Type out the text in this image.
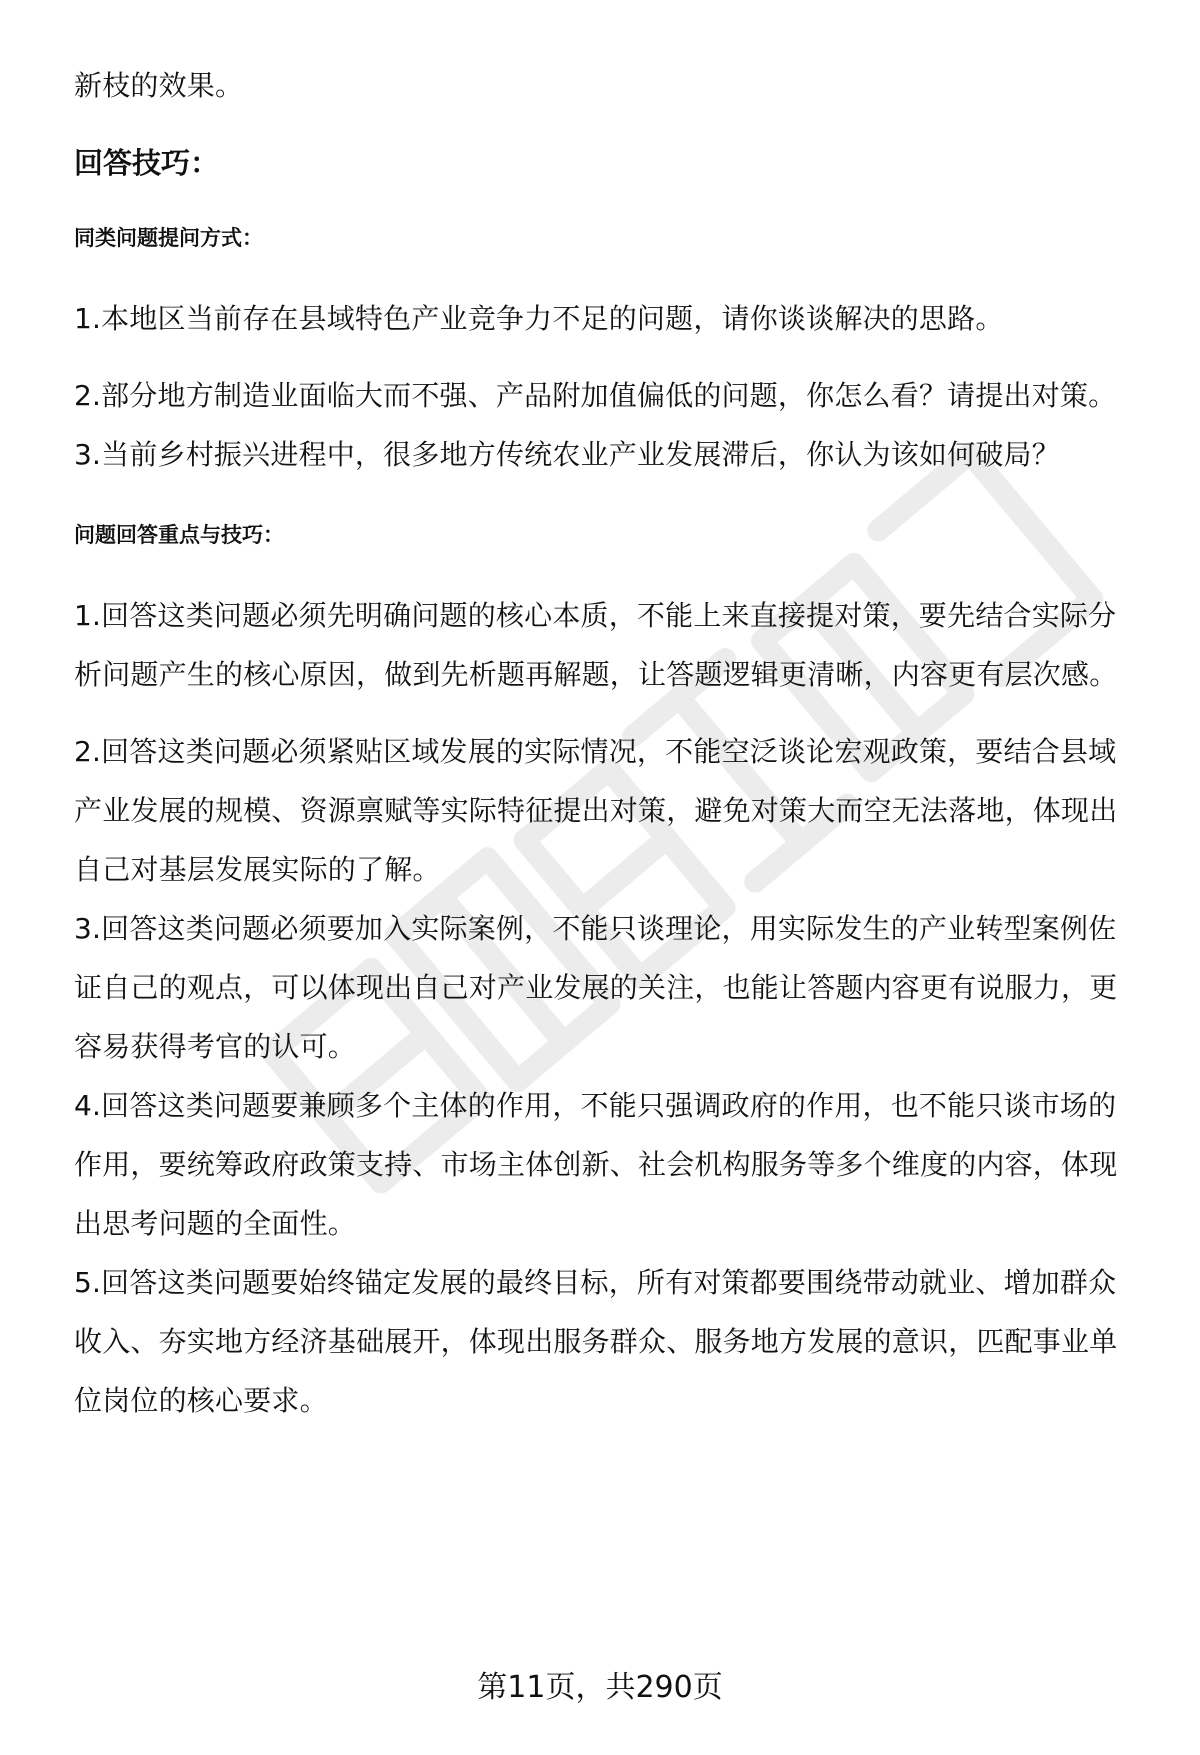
新枝的效果。

回答技巧：

同类问题提问方式：

1.本地区当前存在县域特色产业竞争力不足的问题，请你谈谈解决的思路。

2.部分地方制造业面临大而不强、产品附加值偏低的问题，你怎么看？请提出对策。

3.当前乡村振兴进程中，很多地方传统农业产业发展滞后，你认为该如何破局？

问题回答重点与技巧：

1.回答这类问题必须先明确问题的核心本质，不能上来直接提对策，要先结合实际分析问题产生的核心原因，做到先析题再解题，让答题逻辑更清晰，内容更有层次感。

2.回答这类问题必须紧贴区域发展的实际情况，不能空泛谈论宏观政策，要结合县域产业发展的规模、资源禀赋等实际特征提出对策，避免对策大而空无法落地，体现出自己对基层发展实际的了解。

3.回答这类问题必须要加入实际案例，不能只谈理论，用实际发生的产业转型案例佐证自己的观点，可以体现出自己对产业发展的关注，也能让答题内容更有说服力，更容易获得考官的认可。

4.回答这类问题要兼顾多个主体的作用，不能只强调政府的作用，也不能只谈市场的作用，要统筹政府政策支持、市场主体创新、社会机构服务等多个维度的内容，体现出思考问题的全面性。

5.回答这类问题要始终锚定发展的最终目标，所有对策都要围绕带动就业、增加群众收入、夯实地方经济基础展开，体现出服务群众、服务地方发展的意识，匹配事业单位岗位的核心要求。

第11页，共290页
